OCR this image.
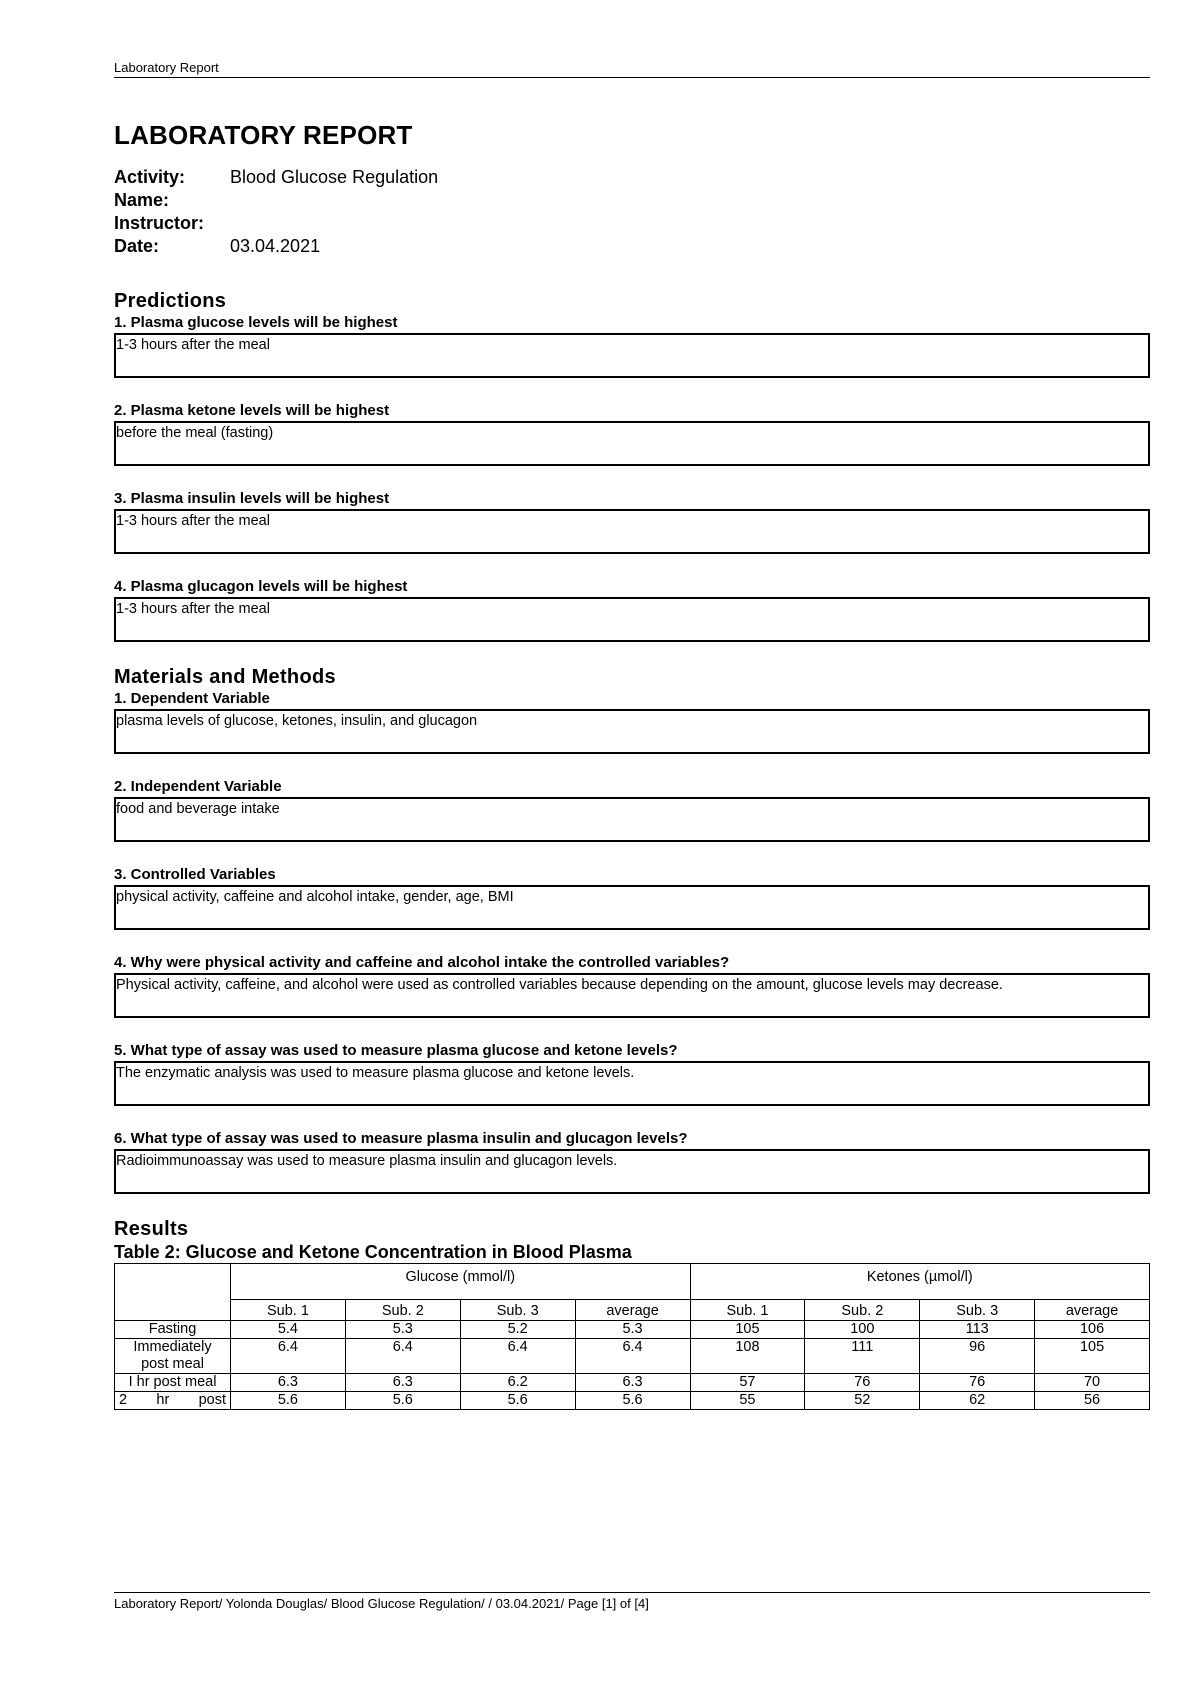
Laboratory Report
LABORATORY REPORT
Activity:	Blood Glucose Regulation
Name:
Instructor:
Date:	03.04.2021
Predictions
1. Plasma glucose levels will be highest
1-3 hours after the meal
2. Plasma ketone levels will be highest
before the meal (fasting)
3. Plasma insulin levels will be highest
1-3 hours after the meal
4. Plasma glucagon levels will be highest
1-3 hours after the meal
Materials and Methods
1. Dependent Variable
plasma levels of glucose, ketones, insulin, and glucagon
2. Independent Variable
food and beverage intake
3. Controlled Variables
physical activity, caffeine and alcohol intake, gender, age, BMI
4. Why were physical activity and caffeine and alcohol intake the controlled variables?
Physical activity, caffeine, and alcohol were used as controlled variables because depending on the amount, glucose levels may decrease.
5. What type of assay was used to measure plasma glucose and ketone levels?
The enzymatic analysis was used to measure plasma glucose and ketone levels.
6. What type of assay was used to measure plasma insulin and glucagon levels?
Radioimmunoassay was used to measure plasma insulin and glucagon levels.
Results
Table 2: Glucose and Ketone Concentration in Blood Plasma
	Glucose (mmol/l)				Ketones (µmol/l)			
	Sub. 1	Sub. 2	Sub. 3	average	Sub. 1	Sub. 2	Sub. 3	average
Fasting	5.4	5.3	5.2	5.3	105	100	113	106
Immediately post meal	6.4	6.4	6.4	6.4	108	111	96	105
I hr post meal	6.3	6.3	6.2	6.3	57	76	76	70
2 hr post	5.6	5.6	5.6	5.6	55	52	62	56
Laboratory Report/ Yolonda Douglas/ Blood Glucose Regulation/ / 03.04.2021/ Page [1] of [4]
